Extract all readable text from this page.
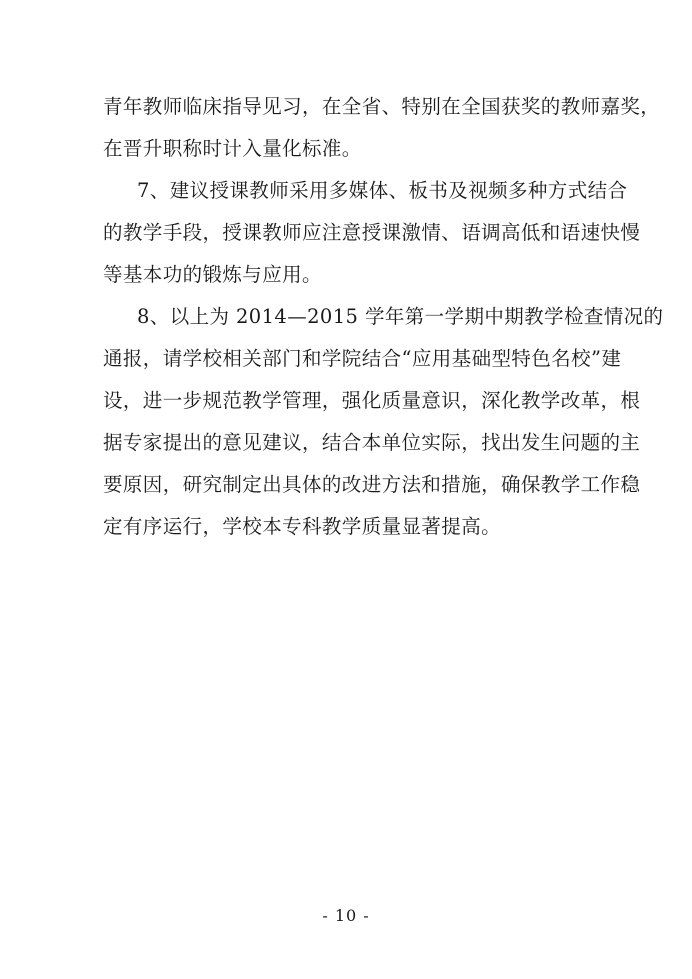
青年教师临床指导见习，在全省、特别在全国获奖的教师嘉奖，
在晋升职称时计入量化标准。
7、建议授课教师采用多媒体、板书及视频多种方式结合
的教学手段，授课教师应注意授课激情、语调高低和语速快慢
等基本功的锻炼与应用。
8、以上为 2014—2015 学年第一学期中期教学检查情况的
通报，请学校相关部门和学院结合“应用基础型特色名校”建
设，进一步规范教学管理，强化质量意识，深化教学改革，根
据专家提出的意见建议，结合本单位实际，找出发生问题的主
要原因，研究制定出具体的改进方法和措施，确保教学工作稳
定有序运行，学校本专科教学质量显著提高。
- 10 -
